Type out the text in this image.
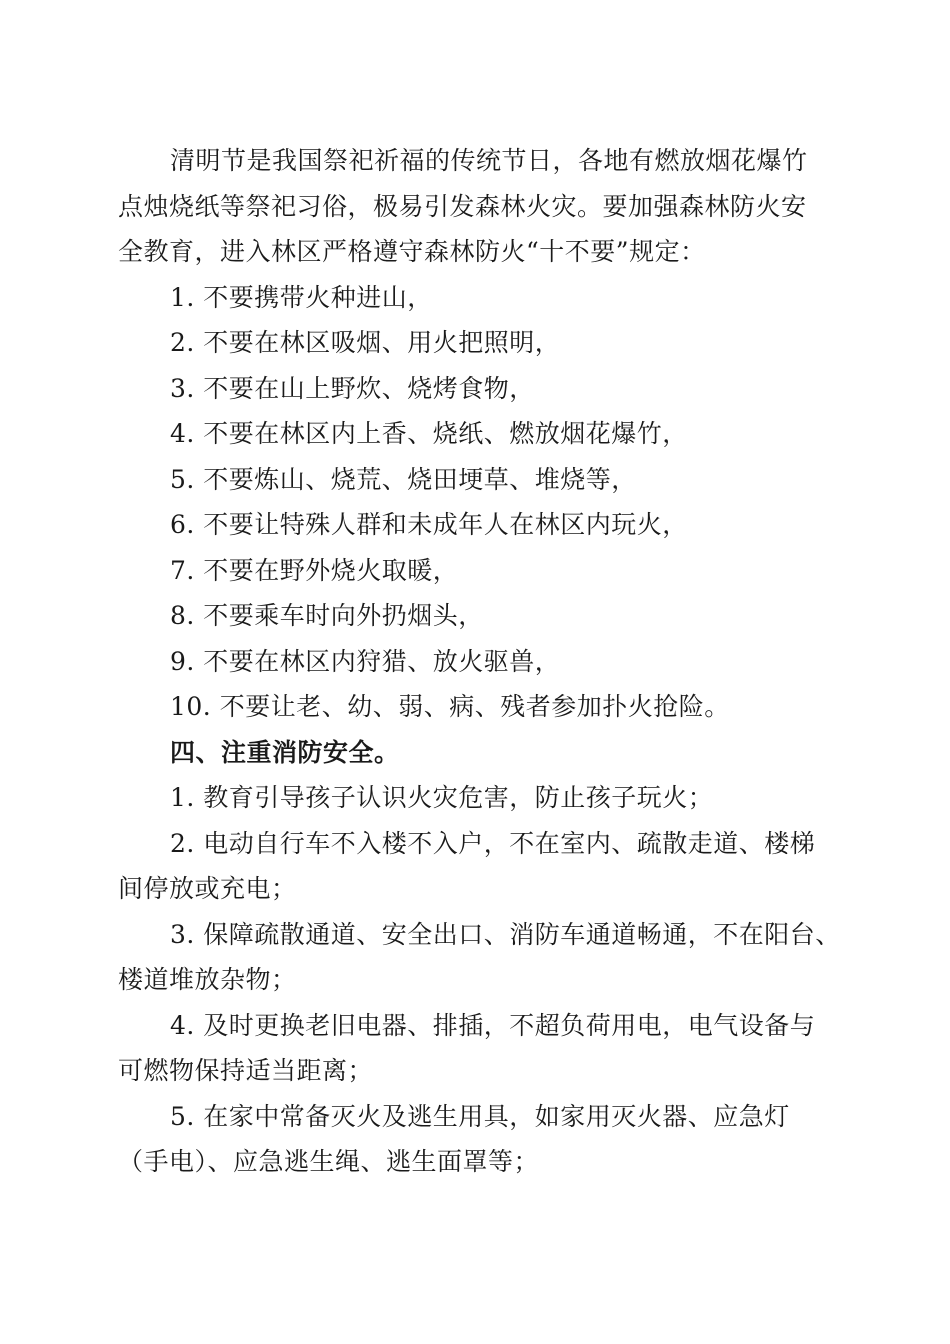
清明节是我国祭祀祈福的传统节日，各地有燃放烟花爆竹
点烛烧纸等祭祀习俗，极易引发森林火灾。要加强森林防火安
全教育，进入林区严格遵守森林防火“十不要”规定：
1. 不要携带火种进山，
2. 不要在林区吸烟、用火把照明，
3. 不要在山上野炊、烧烤食物，
4. 不要在林区内上香、烧纸、燃放烟花爆竹，
5. 不要炼山、烧荒、烧田埂草、堆烧等，
6. 不要让特殊人群和未成年人在林区内玩火，
7. 不要在野外烧火取暖，
8. 不要乘车时向外扔烟头，
9. 不要在林区内狩猎、放火驱兽，
10. 不要让老、幼、弱、病、残者参加扑火抢险。
四、注重消防安全。
1. 教育引导孩子认识火灾危害，防止孩子玩火；
2. 电动自行车不入楼不入户，不在室内、疏散走道、楼梯
间停放或充电；
3. 保障疏散通道、安全出口、消防车通道畅通，不在阳台、
楼道堆放杂物；
4. 及时更换老旧电器、排插，不超负荷用电，电气设备与
可燃物保持适当距离；
5. 在家中常备灭火及逃生用具，如家用灭火器、应急灯
（手电）、应急逃生绳、逃生面罩等；
